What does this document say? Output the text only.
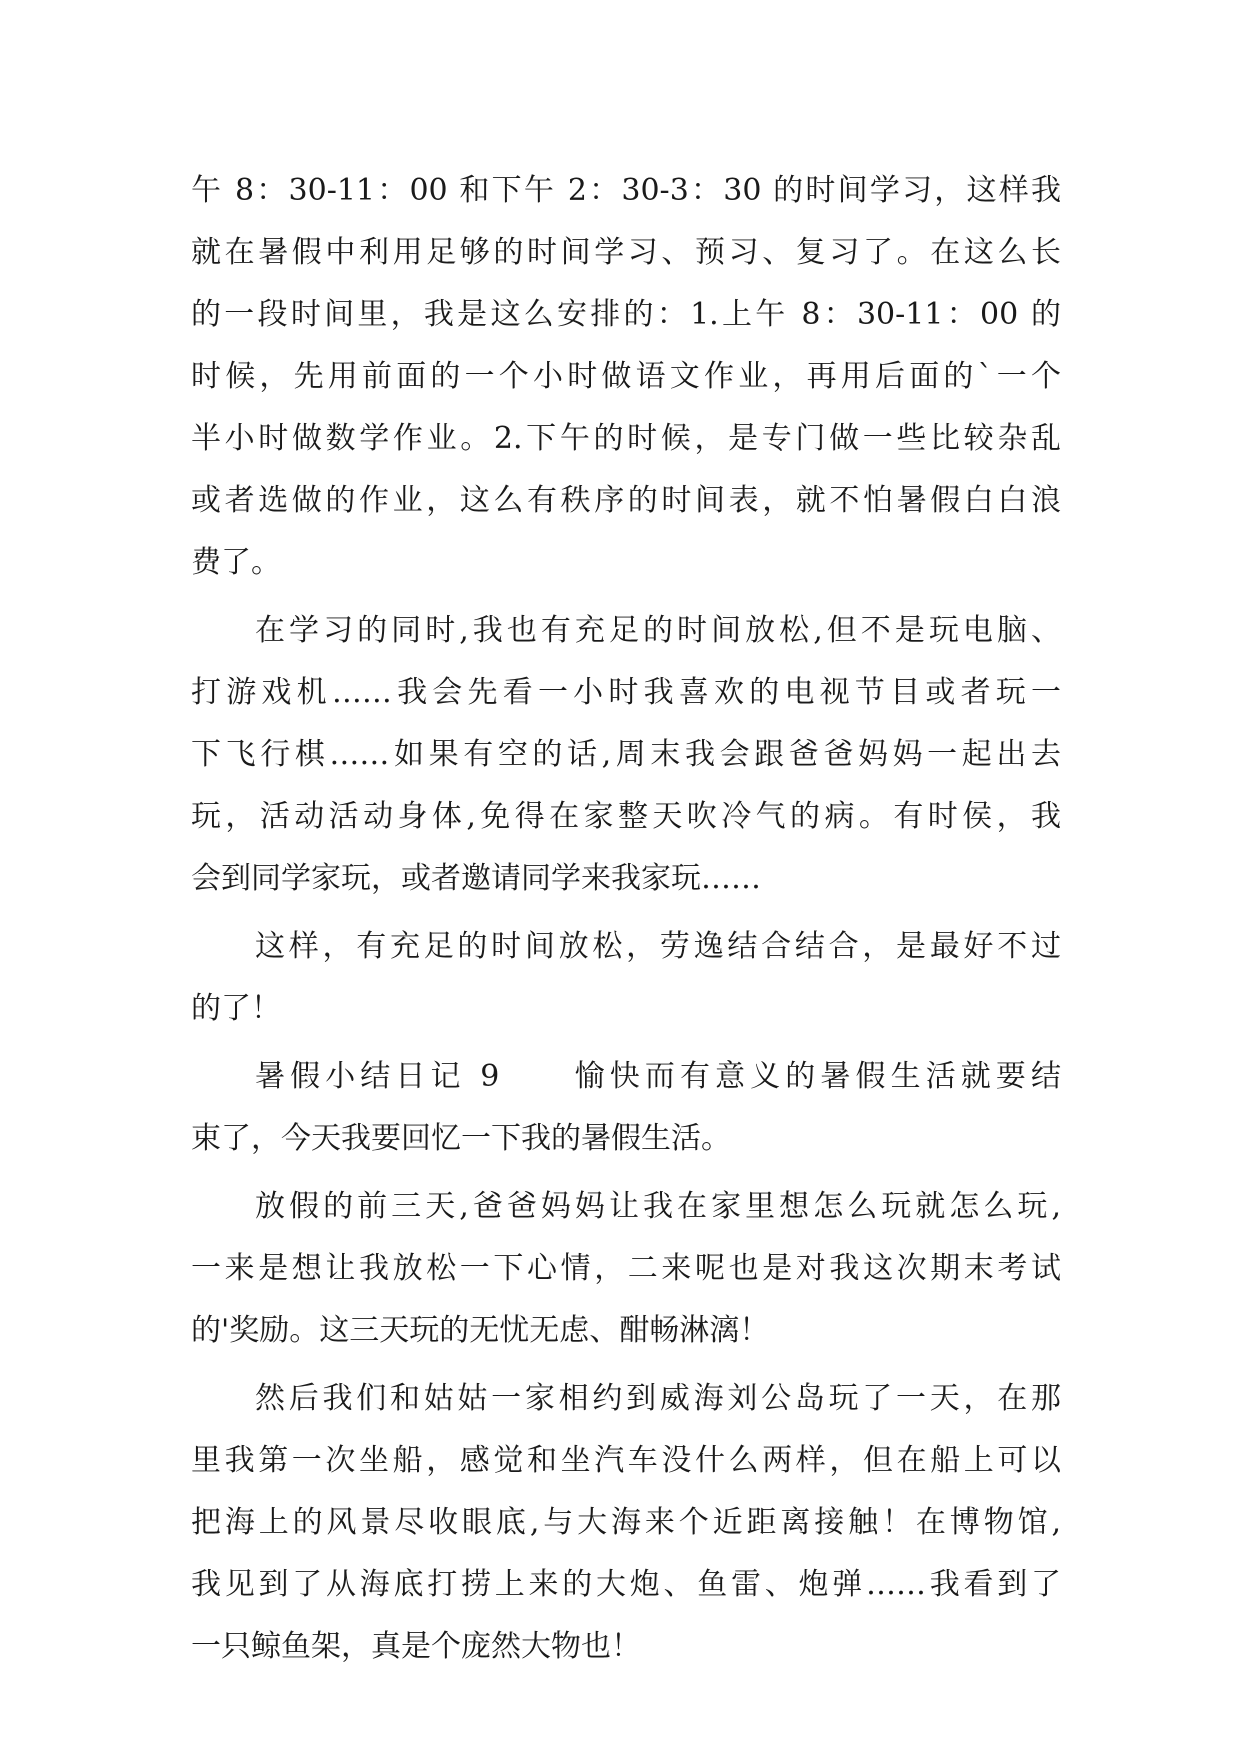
午 8：30-11：00 和下午 2：30-3：30 的时间学习，这样我
就在暑假中利用足够的时间学习、预习、复习了。在这么长
的一段时间里，我是这么安排的：1.上午 8：30-11：00 的
时候，先用前面的一个小时做语文作业，再用后面的`一个
半小时做数学作业。2.下午的时候，是专门做一些比较杂乱
或者选做的作业，这么有秩序的时间表，就不怕暑假白白浪
费了。
在学习的同时,我也有充足的时间放松,但不是玩电脑、
打游戏机……我会先看一小时我喜欢的电视节目或者玩一
下飞行棋……如果有空的话,周末我会跟爸爸妈妈一起出去
玩，活动活动身体,免得在家整天吹冷气的病。有时侯，我
会到同学家玩，或者邀请同学来我家玩……
这样，有充足的时间放松，劳逸结合结合，是最好不过
的了！
暑假小结日记 9　　愉快而有意义的暑假生活就要结
束了，今天我要回忆一下我的暑假生活。
放假的前三天,爸爸妈妈让我在家里想怎么玩就怎么玩,
一来是想让我放松一下心情，二来呢也是对我这次期末考试
的'奖励。这三天玩的无忧无虑、酣畅淋漓！
然后我们和姑姑一家相约到威海刘公岛玩了一天，在那
里我第一次坐船，感觉和坐汽车没什么两样，但在船上可以
把海上的风景尽收眼底,与大海来个近距离接触！在博物馆,
我见到了从海底打捞上来的大炮、鱼雷、炮弹……我看到了
一只鲸鱼架，真是个庞然大物也！
